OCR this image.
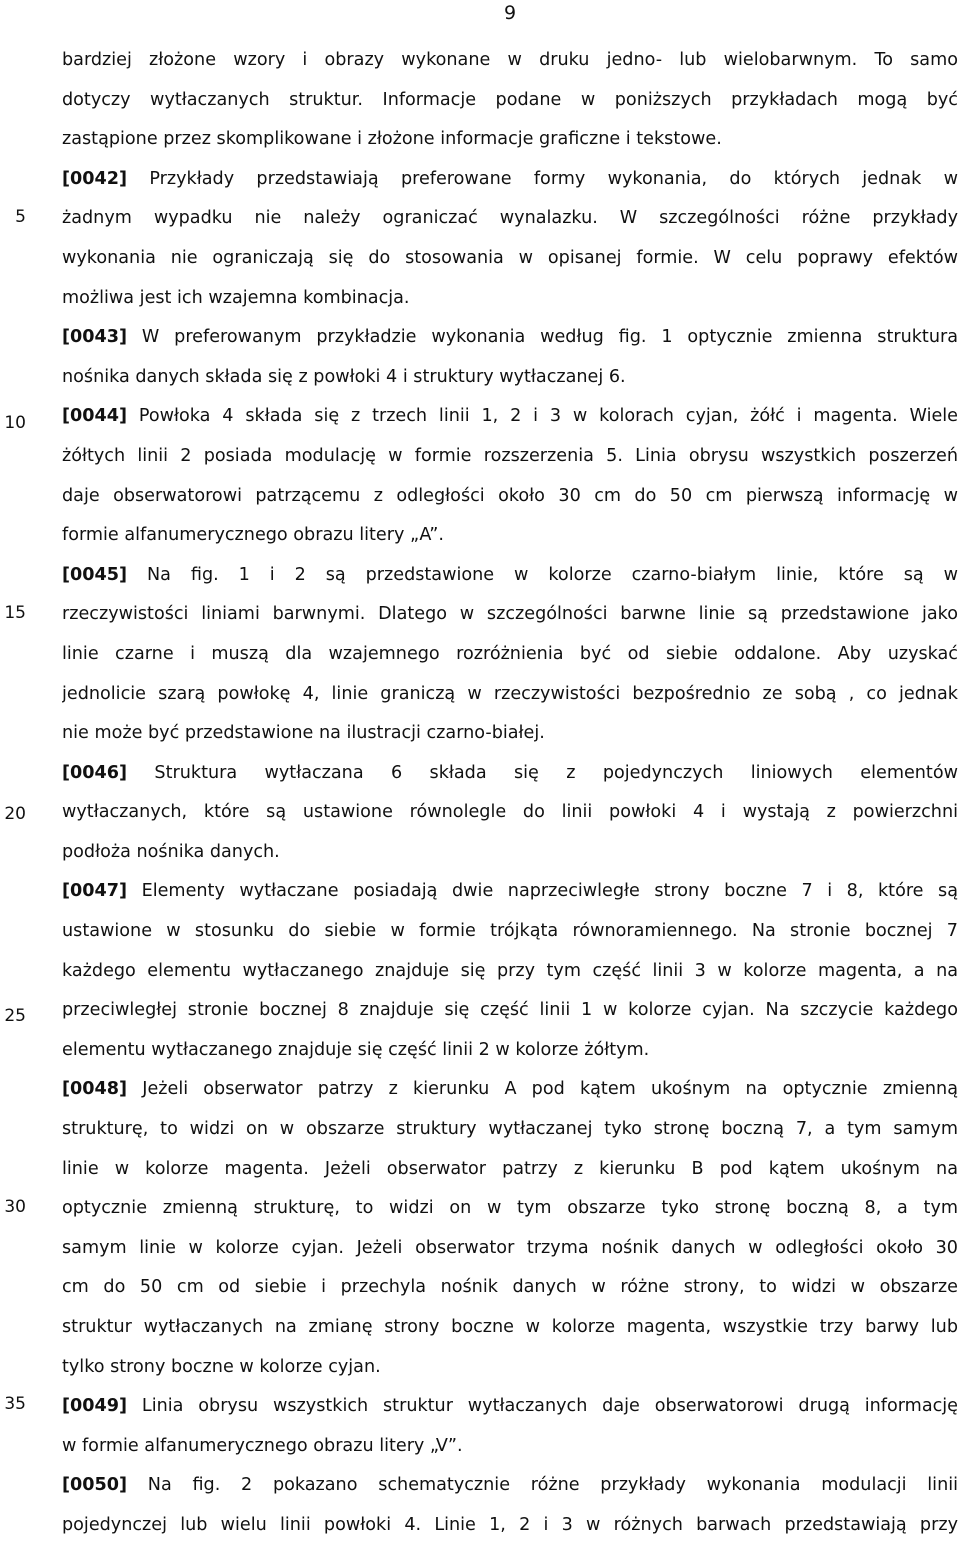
9
5
10
15
20
25
30
35
bardziej złożone wzory i obrazy wykonane w druku jedno- lub wielobarwnym. To samo
dotyczy wytłaczanych struktur. Informacje podane w poniższych przykładach mogą być
zastąpione przez skomplikowane i złożone informacje graficzne i tekstowe.
[0042] Przykłady przedstawiają preferowane formy wykonania, do których jednak w
żadnym wypadku nie należy ograniczać wynalazku. W szczególności różne przykłady
wykonania nie ograniczają się do stosowania w opisanej formie. W celu poprawy efektów
możliwa jest ich wzajemna kombinacja.
[0043] W preferowanym przykładzie wykonania według fig. 1 optycznie zmienna struktura
nośnika danych składa się z powłoki 4 i struktury wytłaczanej 6.
[0044] Powłoka 4 składa się z trzech linii 1, 2 i 3 w kolorach cyjan, żółć i magenta. Wiele
żółtych linii 2 posiada modulację w formie rozszerzenia 5. Linia obrysu wszystkich poszerzeń
daje obserwatorowi patrzącemu z odległości około 30 cm do 50 cm pierwszą informację w
formie alfanumerycznego obrazu litery „A”.
[0045] Na fig. 1 i 2 są przedstawione w kolorze czarno-białym linie, które są w
rzeczywistości liniami barwnymi. Dlatego w szczególności barwne linie są przedstawione jako
linie czarne i muszą dla wzajemnego rozróżnienia być od siebie oddalone. Aby uzyskać
jednolicie szarą powłokę 4, linie graniczą w rzeczywistości bezpośrednio ze sobą , co jednak
nie może być przedstawione na ilustracji czarno-białej.
[0046] Struktura wytłaczana 6 składa się z pojedynczych liniowych elementów
wytłaczanych, które są ustawione równolegle do linii powłoki 4 i wystają z powierzchni
podłoża nośnika danych.
[0047] Elementy wytłaczane posiadają dwie naprzeciwległe strony boczne 7 i 8, które są
ustawione w stosunku do siebie w formie trójkąta równoramiennego. Na stronie bocznej 7
każdego elementu wytłaczanego znajduje się przy tym część linii 3 w kolorze magenta, a na
przeciwległej stronie bocznej 8 znajduje się część linii 1 w kolorze cyjan. Na szczycie każdego
elementu wytłaczanego znajduje się część linii 2 w kolorze żółtym.
[0048] Jeżeli obserwator patrzy z kierunku A pod kątem ukośnym na optycznie zmienną
strukturę, to widzi on w obszarze struktury wytłaczanej tyko stronę boczną 7, a tym samym
linie w kolorze magenta. Jeżeli obserwator patrzy z kierunku B pod kątem ukośnym na
optycznie zmienną strukturę, to widzi on w tym obszarze tyko stronę boczną 8, a tym
samym linie w kolorze cyjan. Jeżeli obserwator trzyma nośnik danych w odległości około 30
cm do 50 cm od siebie i przechyla nośnik danych w różne strony, to widzi w obszarze
struktur wytłaczanych na zmianę strony boczne w kolorze magenta, wszystkie trzy barwy lub
tylko strony boczne w kolorze cyjan.
[0049] Linia obrysu wszystkich struktur wytłaczanych daje obserwatorowi drugą informację
w formie alfanumerycznego obrazu litery „V”.
[0050] Na fig. 2 pokazano schematycznie różne przykłady wykonania modulacji linii
pojedynczej lub wielu linii powłoki 4. Linie 1, 2 i 3 w różnych barwach przedstawiają przy
